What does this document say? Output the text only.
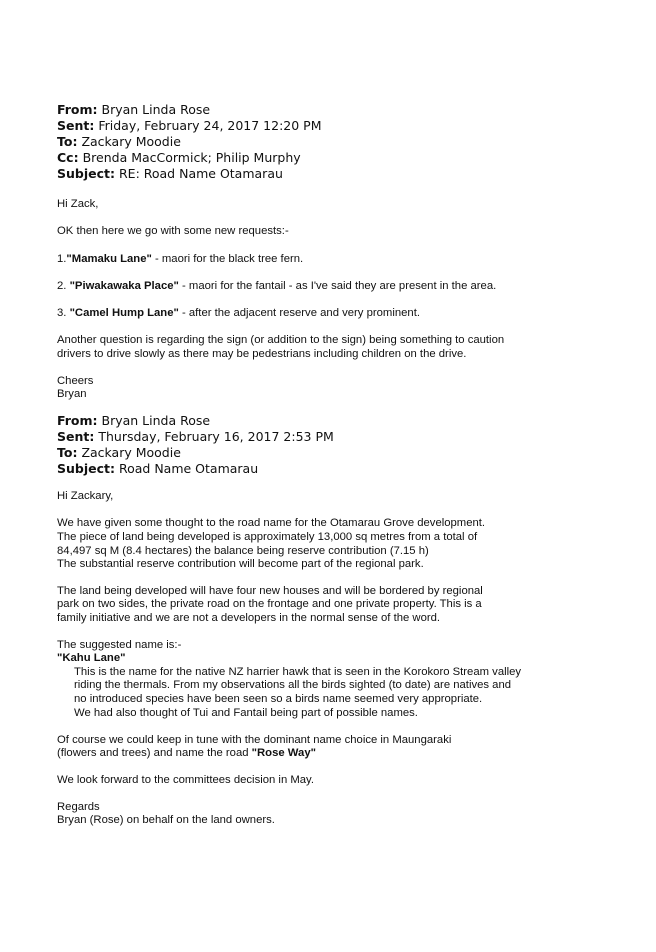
From: Bryan Linda Rose
Sent: Friday, February 24, 2017 12:20 PM
To: Zackary Moodie
Cc: Brenda MacCormick; Philip Murphy
Subject: RE: Road Name Otamarau
Hi Zack,
OK then here we go with some new requests:-
1."Mamaku Lane" - maori for the black tree fern.
2. "Piwakawaka Place" - maori for the fantail - as I've said they are present in the area.
3. "Camel Hump Lane" - after the adjacent reserve and very prominent.
Another question is regarding the sign (or addition to the sign) being something to caution
drivers to drive slowly as there may be pedestrians including children on the drive.
Cheers
Bryan
From: Bryan Linda Rose
Sent: Thursday, February 16, 2017 2:53 PM
To: Zackary Moodie
Subject: Road Name Otamarau
Hi Zackary,
We have given some thought to the road name for the Otamarau Grove development.
The piece of land being developed is approximately 13,000 sq metres from a total of
84,497 sq M (8.4 hectares) the balance being reserve contribution (7.15 h)
The substantial reserve contribution will become part of the regional park.
The land being developed will have four new houses and will be bordered by regional
park on two sides, the private road on the frontage and one private property. This is a
family initiative and we are not a developers in the normal sense of the word.
The suggested name is:-
"Kahu Lane"
This is the name for the native NZ harrier hawk that is seen in the Korokoro Stream valley
riding the thermals. From my observations all the birds sighted (to date) are natives and
no introduced species have been seen so a birds name seemed very appropriate.
We had also thought of Tui and Fantail being part of possible names.
Of course we could keep in tune with the dominant name choice in Maungaraki
(flowers and trees) and name the road "Rose Way"
We look forward to the committees decision in May.
Regards
Bryan (Rose) on behalf on the land owners.
